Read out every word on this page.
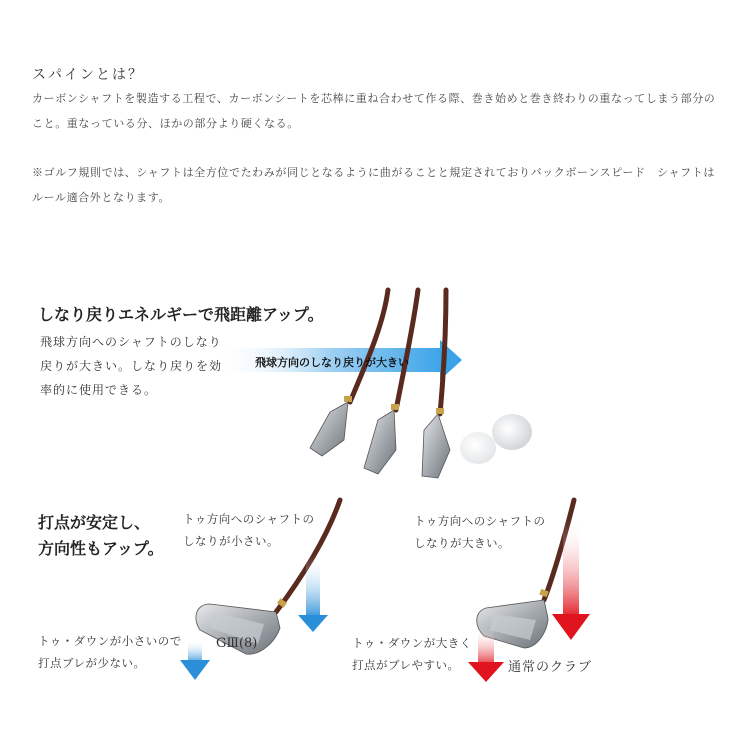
スパインとは？
カーボンシャフトを製造する工程で、カーボンシートを芯棒に重ね合わせて作る際、巻き始めと巻き終わりの重なってしまう部分のこと。重なっている分、ほかの部分より硬くなる。
※ゴルフ規則では、シャフトは全方位でたわみが同じとなるように曲がることと規定されておりバックボーンスピード　シャフトはルール適合外となります。
しなり戻りエネルギーで飛距離アップ。
飛球方向へのシャフトのしなり戻りが大きい。しなり戻りを効率的に使用できる。
飛球方向のしなり戻りが大きい
打点が安定し、
方向性もアップ。
トゥ方向へのシャフトの
しなりが小さい。
トゥ・ダウンが小さいので
打点ブレが少ない。
GⅢ(8)
トゥ方向へのシャフトの
しなりが大きい。
トゥ・ダウンが大きく
打点がブレやすい。	通常のクラブ
